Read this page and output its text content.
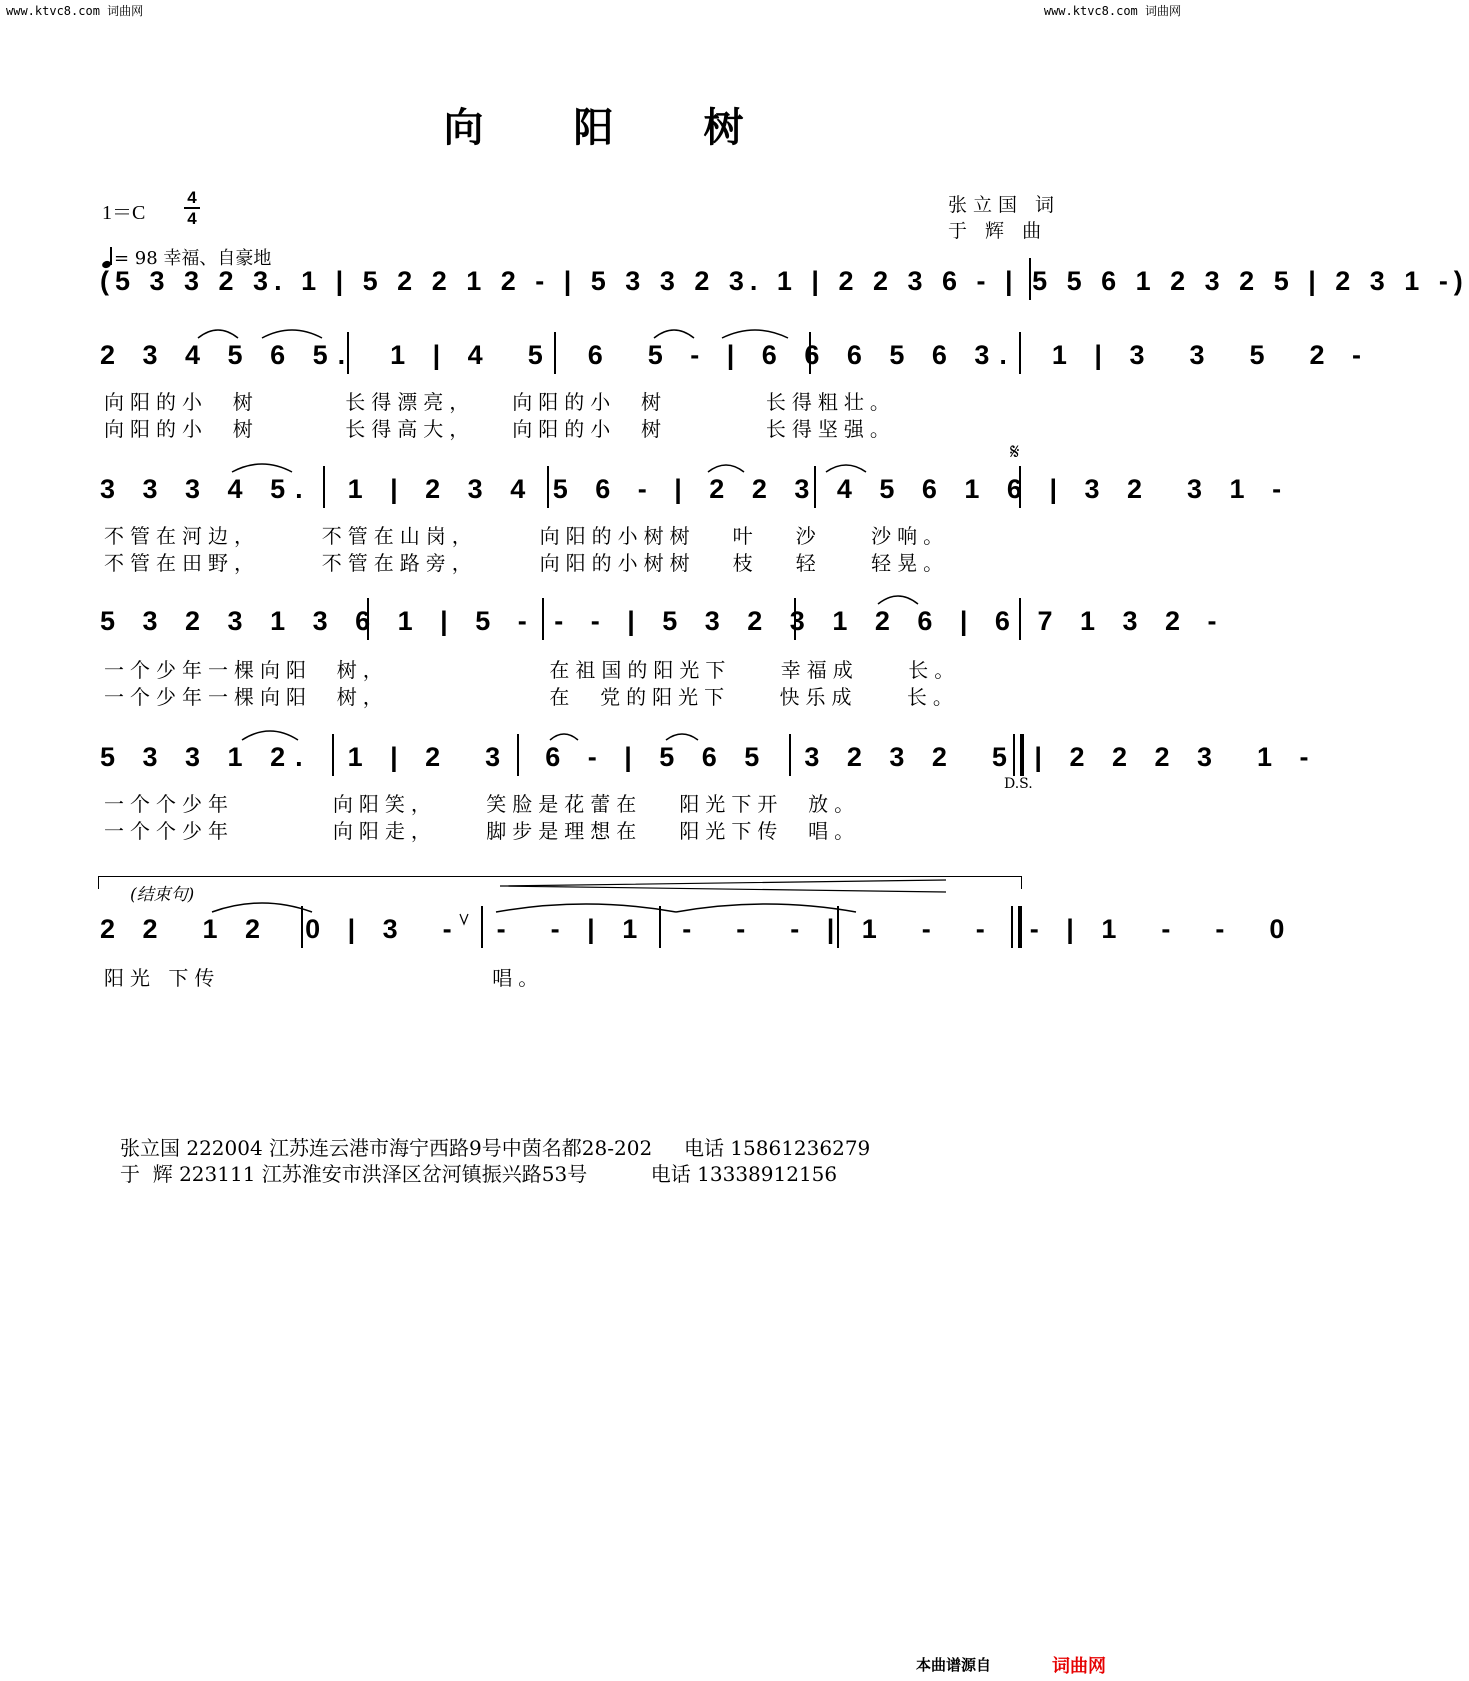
www.ktvc8.com 词曲网	www.ktvc8.com 词曲网
向阳树
1＝C
4
4
= 98 幸福、自豪地
张立国 词
于 辉 曲
(5 3 3 2 3. 1 | 5 2 2 1 2 - | 5 3 3 2 3. 1 | 2 2 3 6 - | 5 5 6 1 2 3 2 5 | 2 3 1 -)
2 3 4 5 6 5.  1 | 4  5  6  5 - | 6 6 6 5 6 3.  1 | 3  3  5  2 -
向阳的小  树       长得漂亮，   向阳的小  树        长得粗壮。
向阳的小  树       长得高大，   向阳的小  树        长得坚强。
3 3 3 4 5.  1 | 2 3 4 5 6 - | 2 2 3 4 5 6 1 6 | 3 2  3 1 -
不管在河边，     不管在山岗，     向阳的小树树   叶   沙    沙响。
不管在田野，     不管在路旁，     向阳的小树树   枝   轻    轻晃。
𝄋
5 3 2 3 1 3 6 1 | 5 - - - | 5 3 2 3 1 2 6 | 6 7 1 3 2 -
一个少年一棵向阳  树，             在祖国的阳光下    幸福成    长。
一个少年一棵向阳  树，             在  党的阳光下    快乐成    长。
5 3 3 1 2.  1 | 2  3  6 - | 5 6 5  3 2 3 2  5 | 2 2 2 3  1 -
一个个少年        向阳笑，    笑脸是花蕾在   阳光下开  放。
一个个少年        向阳走，    脚步是理想在   阳光下传  唱。
D.S.
(结束句)
2 2  1 2  0 | 3  -  -  - | 1  -  -  - | 1  -  -  - | 1  -  -  0
阳光 下传                      唱。
张立国 222004 江苏连云港市海宁西路9号中茵名都28-202     电话 15861236279
于  辉 223111 江苏淮安市洪泽区岔河镇振兴路53号          电话 13338912156
本曲谱源自	词曲网
